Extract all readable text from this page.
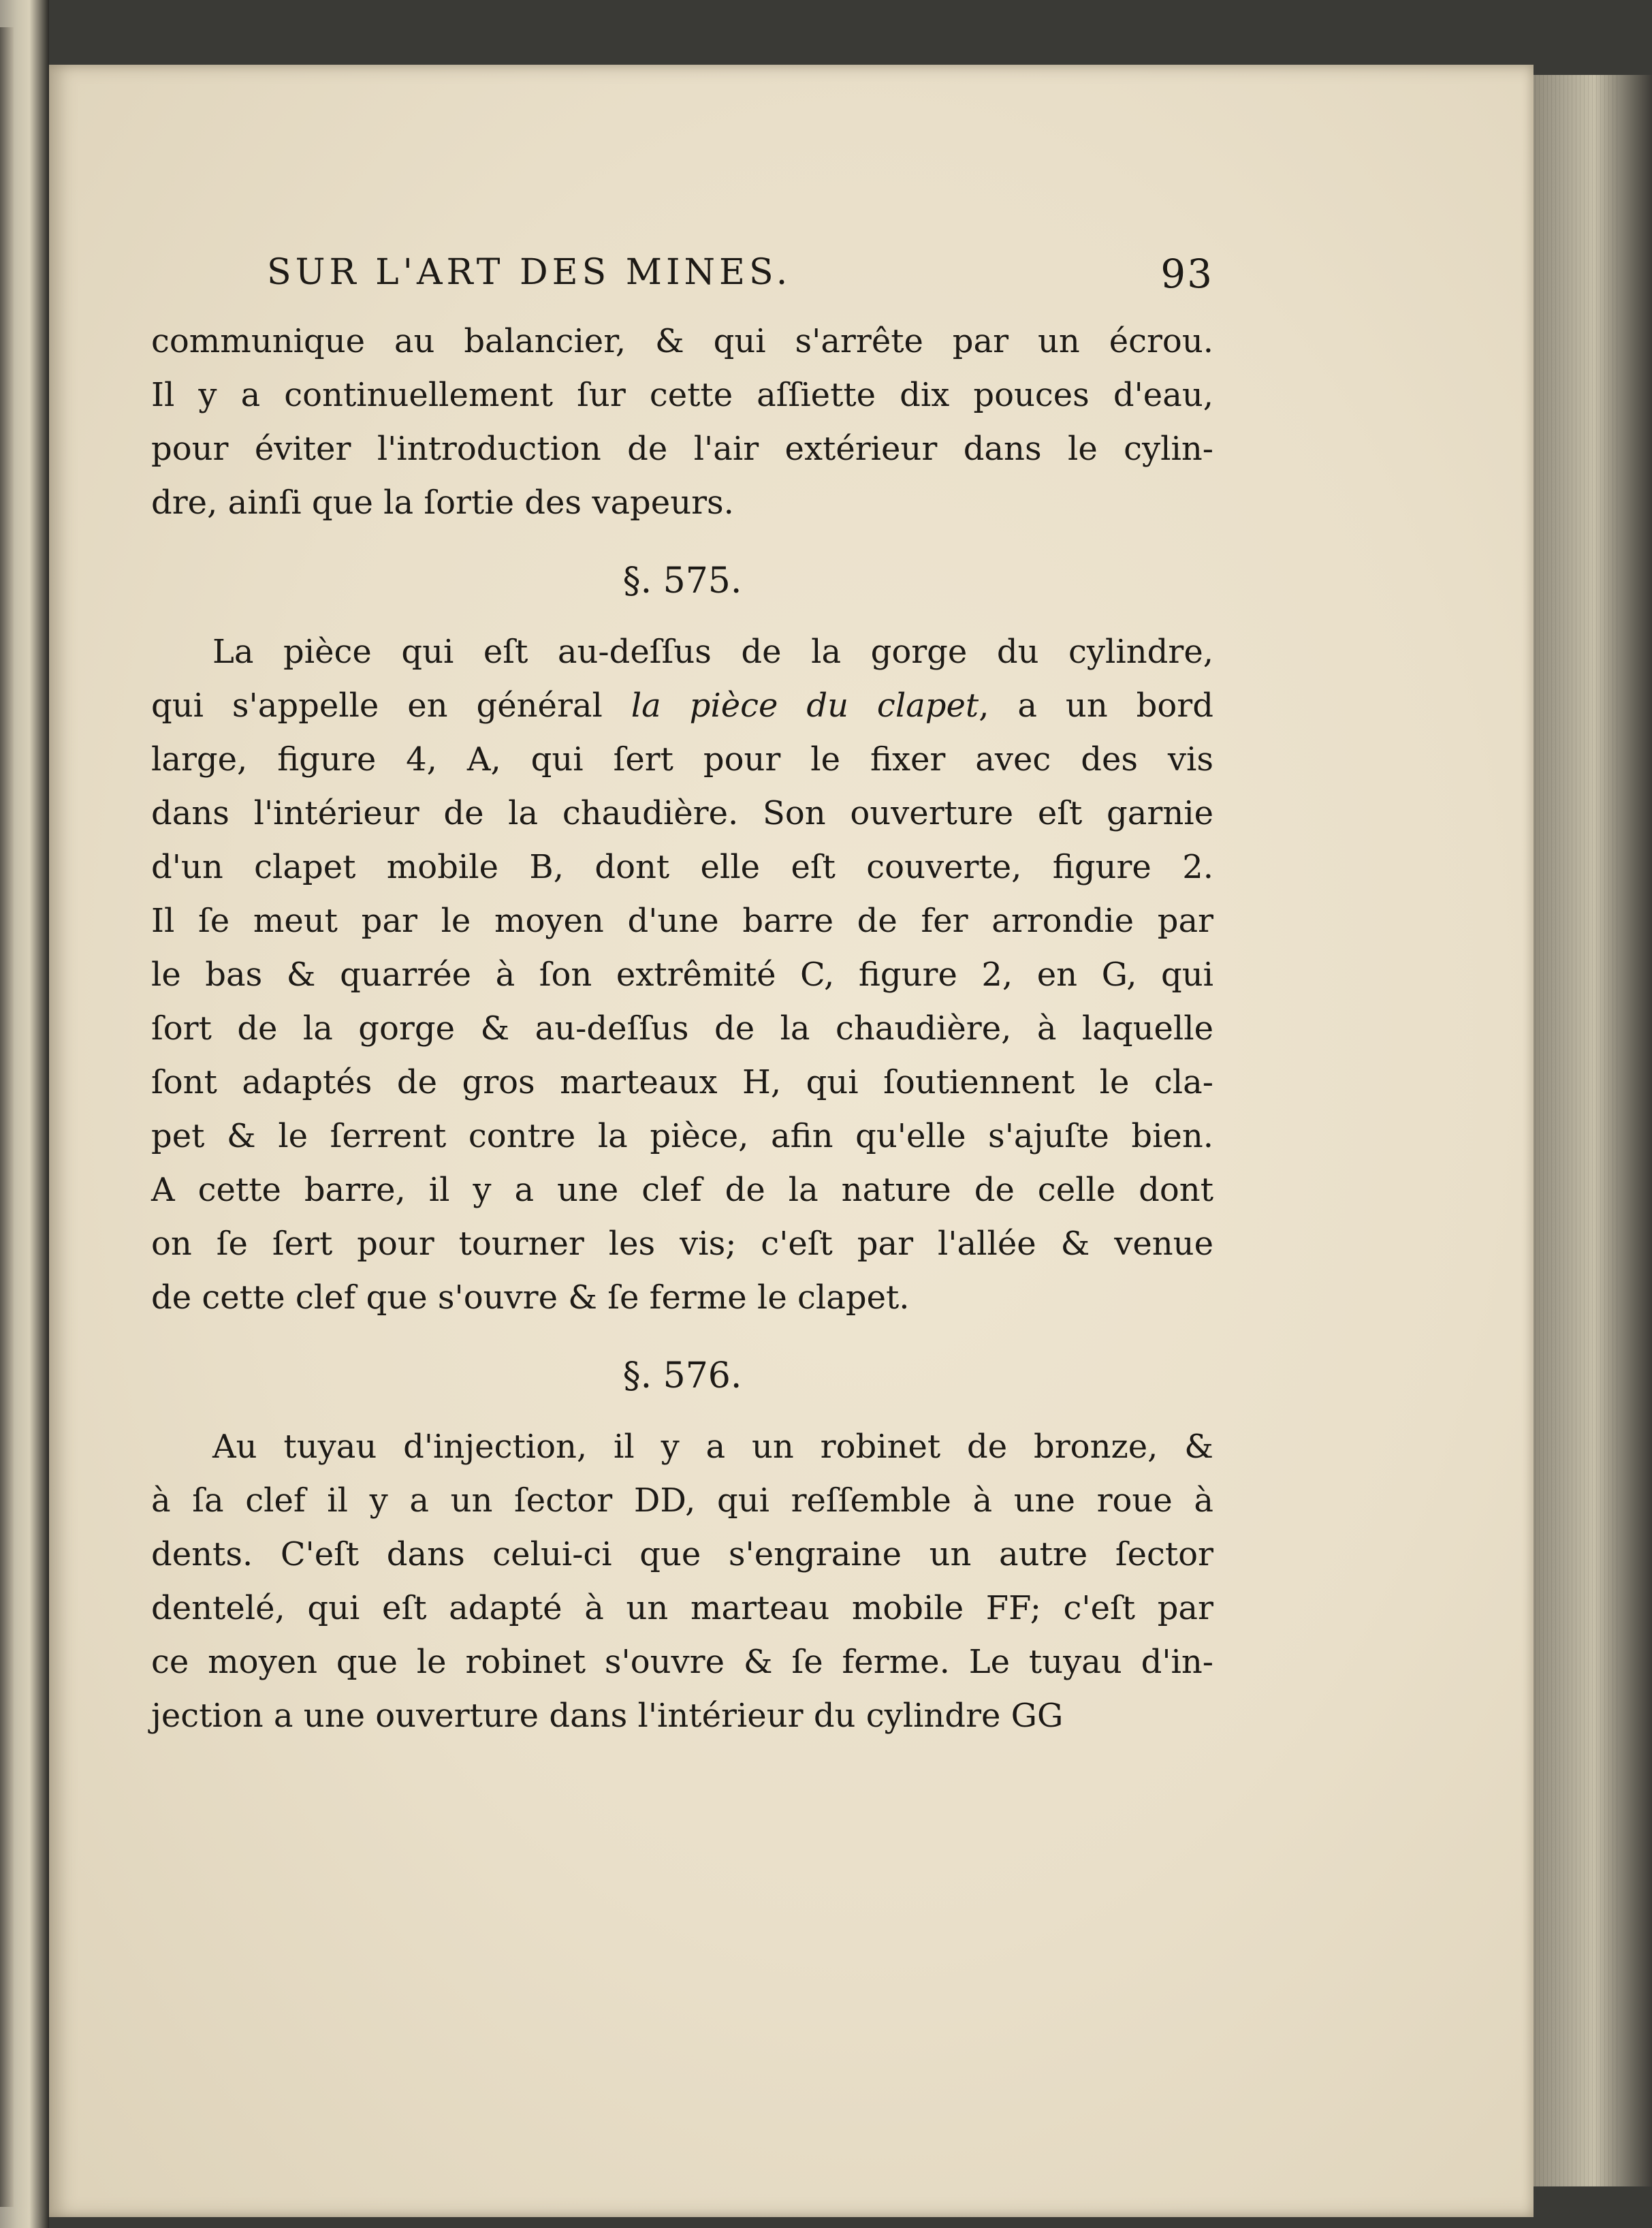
SUR L'ART DES MINES.	93
communique au balancier, & qui s'arrête par un écrou.
Il y a continuellement ſur cette aſſiette dix pouces d'eau,
pour éviter l'introduction de l'air extérieur dans le cylin-
dre, ainſi que la ſortie des vapeurs.
§. 575.
La pièce qui eſt au-deſſus de la gorge du cylindre,
qui s'appelle en général la pièce du clapet, a un bord
large, figure 4, A, qui ſert pour le fixer avec des vis
dans l'intérieur de la chaudière. Son ouverture eſt garnie
d'un clapet mobile B, dont elle eſt couverte, figure 2.
Il ſe meut par le moyen d'une barre de fer arrondie par
le bas & quarrée à ſon extrêmité C, figure 2, en G, qui
ſort de la gorge & au-deſſus de la chaudière, à laquelle
ſont adaptés de gros marteaux H, qui ſoutiennent le cla-
pet & le ſerrent contre la pièce, afin qu'elle s'ajuſte bien.
A cette barre, il y a une clef de la nature de celle dont
on ſe ſert pour tourner les vis; c'eſt par l'allée & venue
de cette clef que s'ouvre & ſe ferme le clapet.
§. 576.
Au tuyau d'injection, il y a un robinet de bronze, &
à ſa clef il y a un ſector DD, qui reſſemble à une roue à
dents. C'eſt dans celui-ci que s'engraine un autre ſector
dentelé, qui eſt adapté à un marteau mobile FF; c'eſt par
ce moyen que le robinet s'ouvre & ſe ferme. Le tuyau d'in-
jection a une ouverture dans l'intérieur du cylindre GG
